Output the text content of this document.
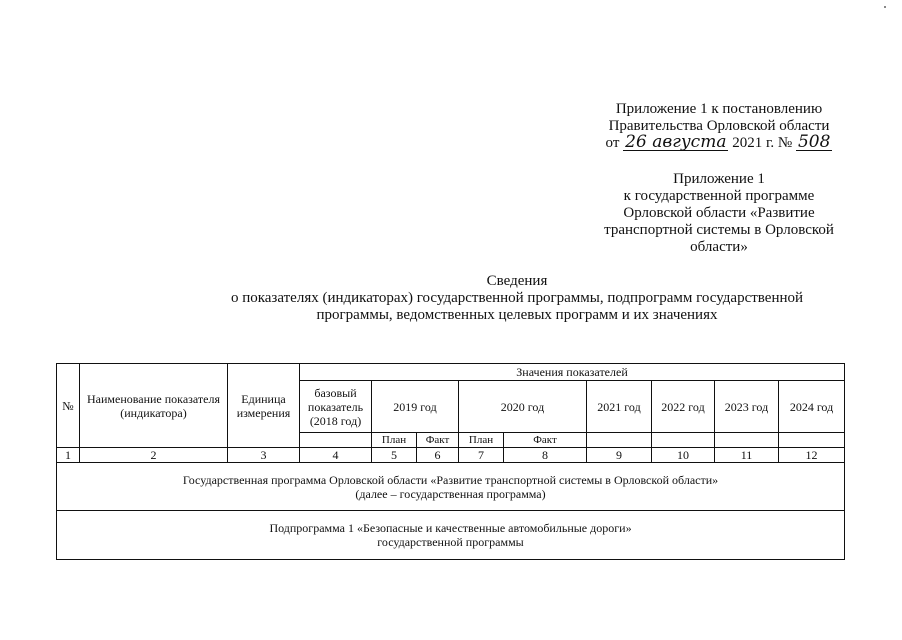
Приложение 1 к постановлению
Правительства Орловской области
от 26 августа 2021 г. № 508
Приложение 1
к государственной программе
Орловской области «Развитие
транспортной системы в Орловской
области»
Сведения
о показателях (индикаторах) государственной программы, подпрограмм государственной
программы, ведомственных целевых программ и их значениях
№	Наименование показателя (индикатора)	Единица измерения	Значения показателей								
			базовый показатель (2018 год)	2019 год		2020 год		2021 год	2022 год	2023 год	2024 год
				План	Факт	План	Факт				
1	2	3	4	5	6	7	8	9	10	11	12

Государственная программа Орловской области «Развитие транспортной системы в Орловской области»
(далее – государственная программа)											

Подпрограмма 1 «Безопасные и качественные автомобильные дороги»
государственной программы											
